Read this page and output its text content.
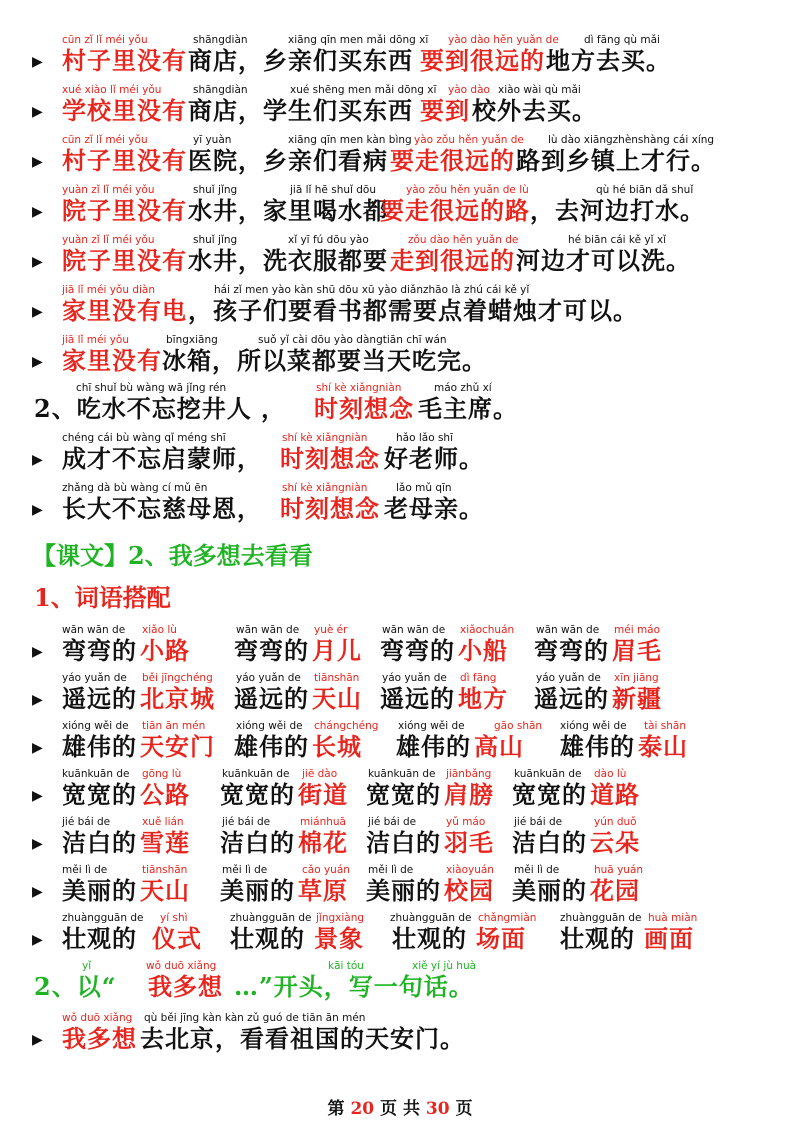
▶
cūn zǐ lǐ méi yǒu	shāngdiàn	xiāng qīn men mǎi dōng xī yào dào hěn yuǎn de dì fāng qù mǎi
村子里没有 商店，乡亲们买东西 要到很远的 地方去买。
▶
xué xiào lǐ méi yǒu	shāngdiàn	xué shēng men mǎi dōng xī yào dào xiào wài qù mǎi
学校里没有 商店，学生们买东西 要到 校外去买。
▶
cūn zǐ lǐ méi yǒu	yī yuàn	xiāng qīn men kàn bìng yào zǒu hěn yuǎn de lù dào xiāngzhènshàng cái xíng
村子里没有 医院，乡亲们看病 要走很远的 路到乡镇上才行。
▶
yuàn zǐ lǐ méi yǒu	shuǐ jǐng	jiā lǐ hē shuǐ dōu	yào zǒu hěn yuǎn de lù	qù hé biān dǎ shuǐ
院子里没有 水井，家里喝水都
要走很远的路 ，去河边打水。
▶
yuàn zǐ lǐ méi yǒu	shuǐ jǐng	xǐ yī fú dōu yào	zǒu dào hěn yuǎn de	hé biān cái kě yǐ xǐ
院子里没有 水井，洗衣服都要 走到很远的 河边才可以洗。
▶
jiā lǐ méi yǒu diàn	hái zǐ men yào kàn shū dōu xū yào diǎnzhāo là zhú cái kě yǐ
家里没有电 ，孩子们要看书都需要点着蜡烛才可以。
▶
jiā lǐ méi yǒu	bīngxiāng	suǒ yǐ cài dōu yào dàngtiān chī wán
家里没有 冰箱，所以菜都要当天吃完。
chī shuǐ bù wàng wā jǐng rén	shí kè xiǎngniàn	máo zhǔ xí
2、吃水不忘挖井人 ， 时刻想念 毛主席。
▶
chéng cái bù wàng qǐ méng shī	shí kè xiǎngniàn	hǎo lǎo shī
成才不忘启蒙师， 时刻想念 好老师。
▶
zhǎng dà bù wàng cí mǔ ēn	shí kè xiǎngniàn	lǎo mǔ qīn
长大不忘慈母恩， 时刻想念 老母亲。
▶
wān wān de xiǎo lù	wān wān de yuè ér	wān wān de xiǎochuán wān wān de méi máo
弯弯的 小路 弯弯的 月儿 弯弯的 小船 弯弯的 眉毛
▶
yáo yuǎn de běi jīngchéng yáo yuǎn de tiānshān yáo yuǎn de dì fāng	yáo yuǎn de xīn jiāng
遥远的 北京城 遥远的 天山 遥远的 地方 遥远的 新疆
▶
xióng wěi de tiān ān mén	xióng wěi de chángchéng xióng wěi de	gāo shān xióng wěi de tài shān
雄伟的 天安门 雄伟的 长城 雄伟的 高山 雄伟的 泰山
▶
kuānkuān de gōng lù	kuānkuān de jiē dào	kuānkuān de jiānbǎng kuānkuān de dào lù
宽宽的 公路 宽宽的 街道 宽宽的 肩膀 宽宽的 道路
▶
jié bái de	xuě lián	jié bái de	miánhuā jié bái de	yǔ máo	jié bái de	yún duǒ
洁白的 雪莲 洁白的 棉花 洁白的 羽毛 洁白的 云朵
▶
měi lì de	tiānshān	měi lì de	cǎo yuán měi lì de	xiàoyuán měi lì de	huā yuán
美丽的 天山 美丽的 草原 美丽的 校园 美丽的 花园
▶
zhuàngguān de yí shì	zhuàngguān de jǐngxiàng zhuàngguān de chǎngmiàn zhuàngguān de huà miàn
壮观的 仪式 壮观的 景象 壮观的 场面 壮观的 画面
yǐ	wǒ duō xiǎng	kāi tóu	xiě yí jù huà
2、以“ 我多想 …”开头，写一句话。
▶
wǒ duō xiǎng qù běi jīng kàn kàn zǔ guó de tiān ān mén
我多想 去北京，看看祖国的天安门。
【课文】2、我多想去看看
1、词语搭配
第 20 页 共 30 页
